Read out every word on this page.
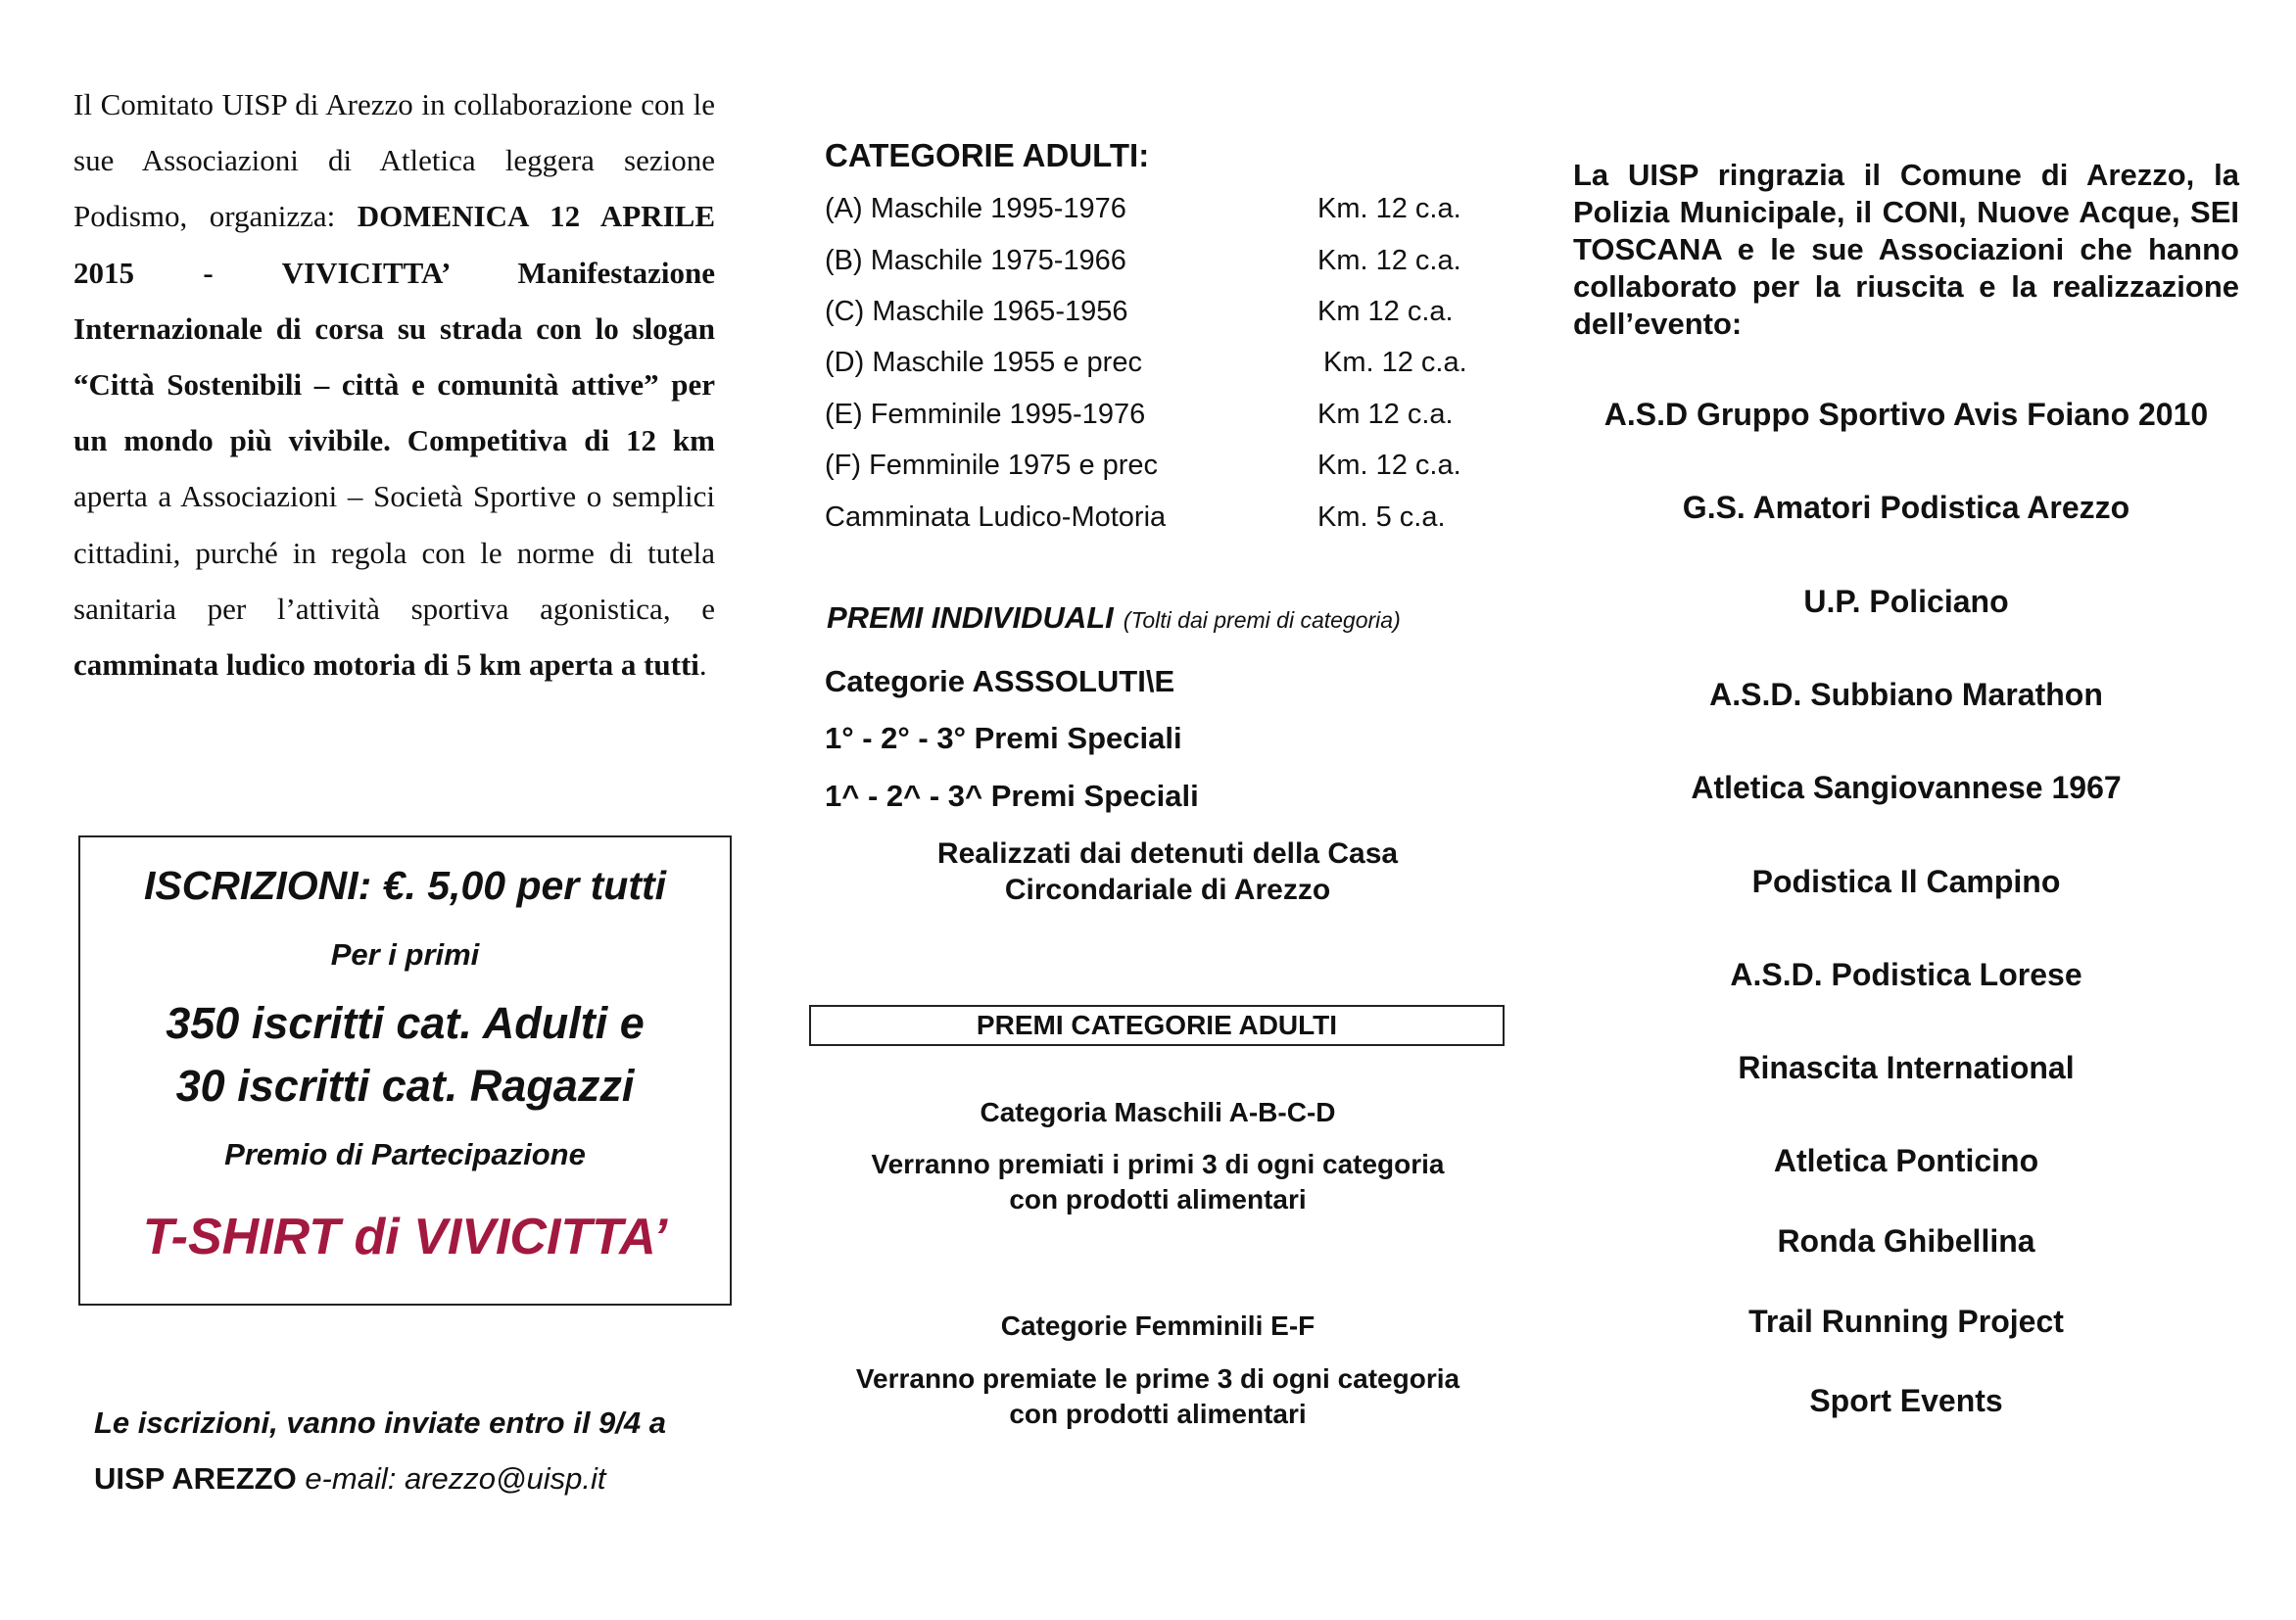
Il Comitato UISP di Arezzo in collaborazione con le sue Associazioni di Atletica leggera sezione Podismo, organizza: DOMENICA 12 APRILE 2015 - VIVICITTA’ Manifestazione Internazionale di corsa su strada con lo slogan “Città Sostenibili – città e comunità attive” per un mondo più vivibile. Competitiva di 12 km aperta a Associazioni – Società Sportive o semplici cittadini, purché in regola con le norme di tutela sanitaria per l’attività sportiva agonistica, e camminata ludico motoria di 5 km aperta a tutti.

ISCRIZIONI: €. 5,00 per tutti
Per i primi
350 iscritti cat. Adulti e
30 iscritti cat. Ragazzi
Premio di Partecipazione
T-SHIRT di VIVICITTA’
Le iscrizioni, vanno inviate entro il 9/4 a
UISP AREZZO e-mail: arezzo@uisp.it
CATEGORIE ADULTI:
(A) Maschile 1995-1976	Km. 12 c.a.
(B) Maschile 1975-1966	Km. 12 c.a.
(C) Maschile 1965-1956	Km 12 c.a.
(D) Maschile 1955 e prec	Km. 12 c.a.
(E) Femminile 1995-1976	Km 12 c.a.
(F) Femminile 1975 e prec	Km. 12 c.a.
Camminata Ludico-Motoria	Km. 5 c.a.
PREMI INDIVIDUALI (Tolti dai premi di categoria)
Categorie ASSSOLUTI\E
1° - 2° - 3° Premi Speciali
1^ - 2^ - 3^ Premi Speciali
Realizzati dai detenuti della Casa
Circondariale di Arezzo
PREMI CATEGORIE ADULTI
Categoria Maschili A-B-C-D
Verranno premiati i primi 3 di ogni categoria
con prodotti alimentari
Categorie Femminili E-F
Verranno premiate le prime 3 di ogni categoria
con prodotti alimentari
La UISP ringrazia il Comune di Arezzo, la Polizia Municipale, il CONI, Nuove Acque, SEI TOSCANA e le sue Associazioni che hanno collaborato per la riuscita e la realizzazione dell’evento:
A.S.D Gruppo Sportivo Avis Foiano 2010
G.S. Amatori Podistica Arezzo
U.P. Policiano
A.S.D. Subbiano Marathon
Atletica Sangiovannese 1967
Podistica Il Campino
A.S.D. Podistica Lorese
Rinascita International
Atletica Ponticino
Ronda Ghibellina
Trail Running Project
Sport Events
